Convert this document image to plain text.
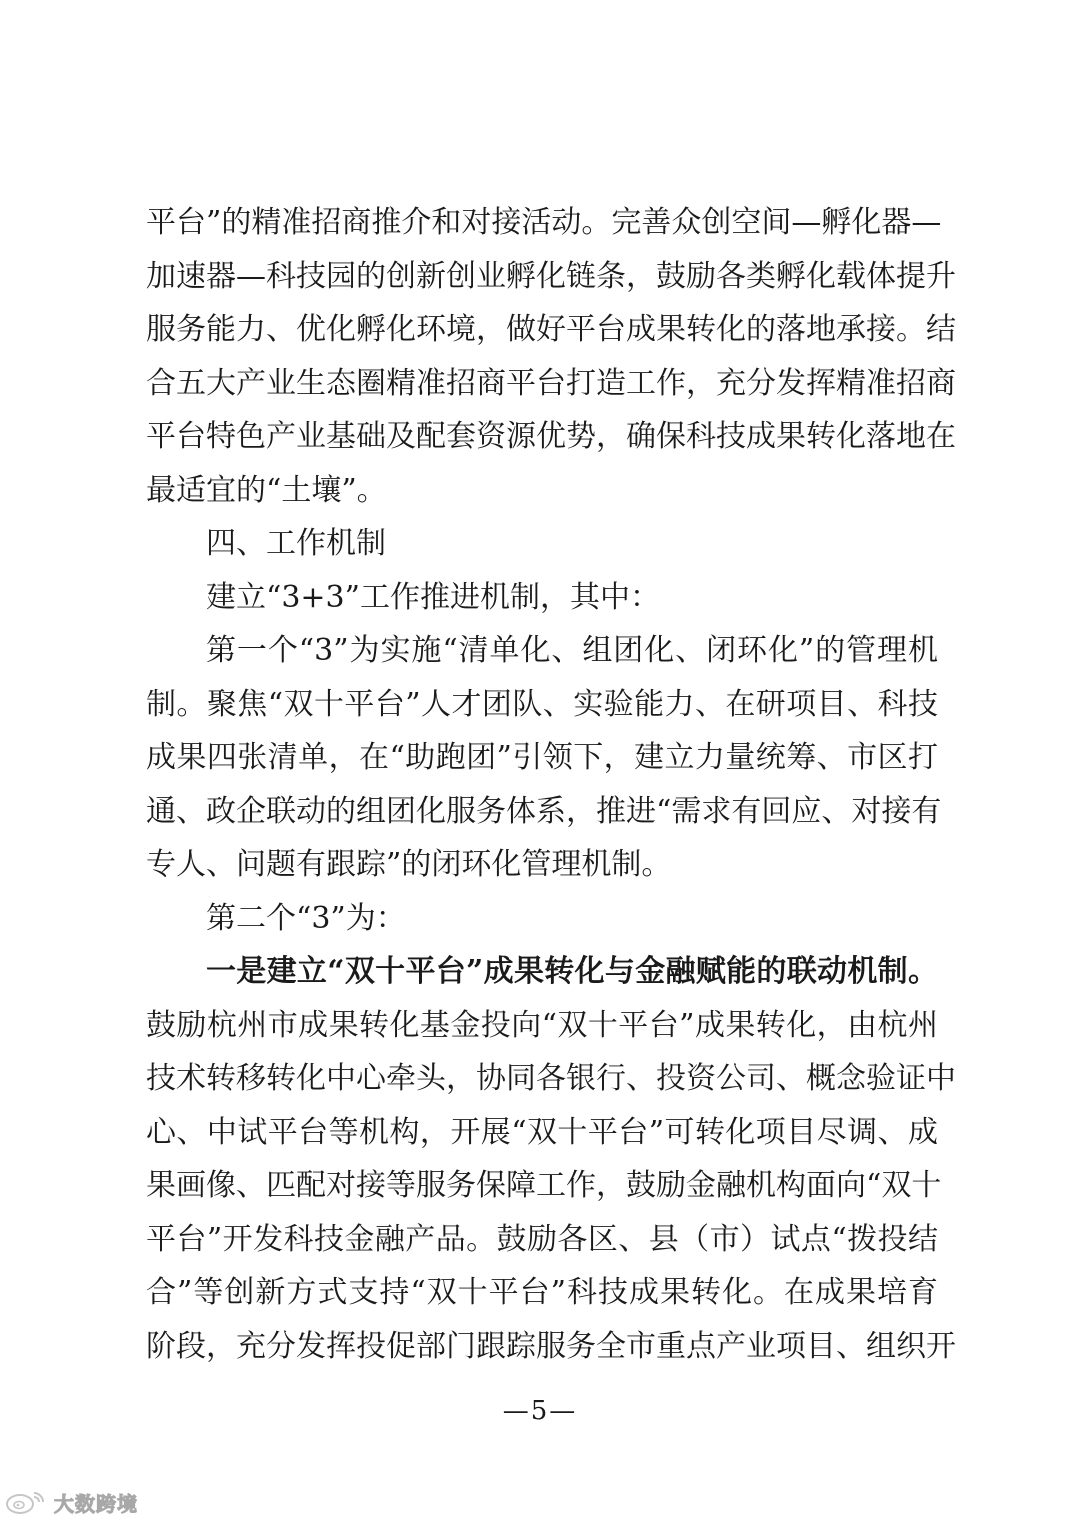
平台”的精准招商推介和对接活动。完善众创空间—孵化器—
加速器—科技园的创新创业孵化链条，鼓励各类孵化载体提升
服务能力、优化孵化环境，做好平台成果转化的落地承接。结
合五大产业生态圈精准招商平台打造工作，充分发挥精准招商
平台特色产业基础及配套资源优势，确保科技成果转化落地在
最适宜的“土壤”。
四、工作机制
建立“3+3”工作推进机制，其中：
第一个“3”为实施“清单化、组团化、闭环化”的管理机
制。聚焦“双十平台”人才团队、实验能力、在研项目、科技
成果四张清单，在“助跑团”引领下，建立力量统筹、市区打
通、政企联动的组团化服务体系，推进“需求有回应、对接有
专人、问题有跟踪”的闭环化管理机制。
第二个“3”为：
一是建立“双十平台”成果转化与金融赋能的联动机制。
鼓励杭州市成果转化基金投向“双十平台”成果转化，由杭州
技术转移转化中心牵头，协同各银行、投资公司、概念验证中
心、中试平台等机构，开展“双十平台”可转化项目尽调、成
果画像、匹配对接等服务保障工作，鼓励金融机构面向“双十
平台”开发科技金融产品。鼓励各区、县（市）试点“拨投结
合”等创新方式支持“双十平台”科技成果转化。在成果培育
阶段，充分发挥投促部门跟踪服务全市重点产业项目、组织开
—5—
大数跨境
